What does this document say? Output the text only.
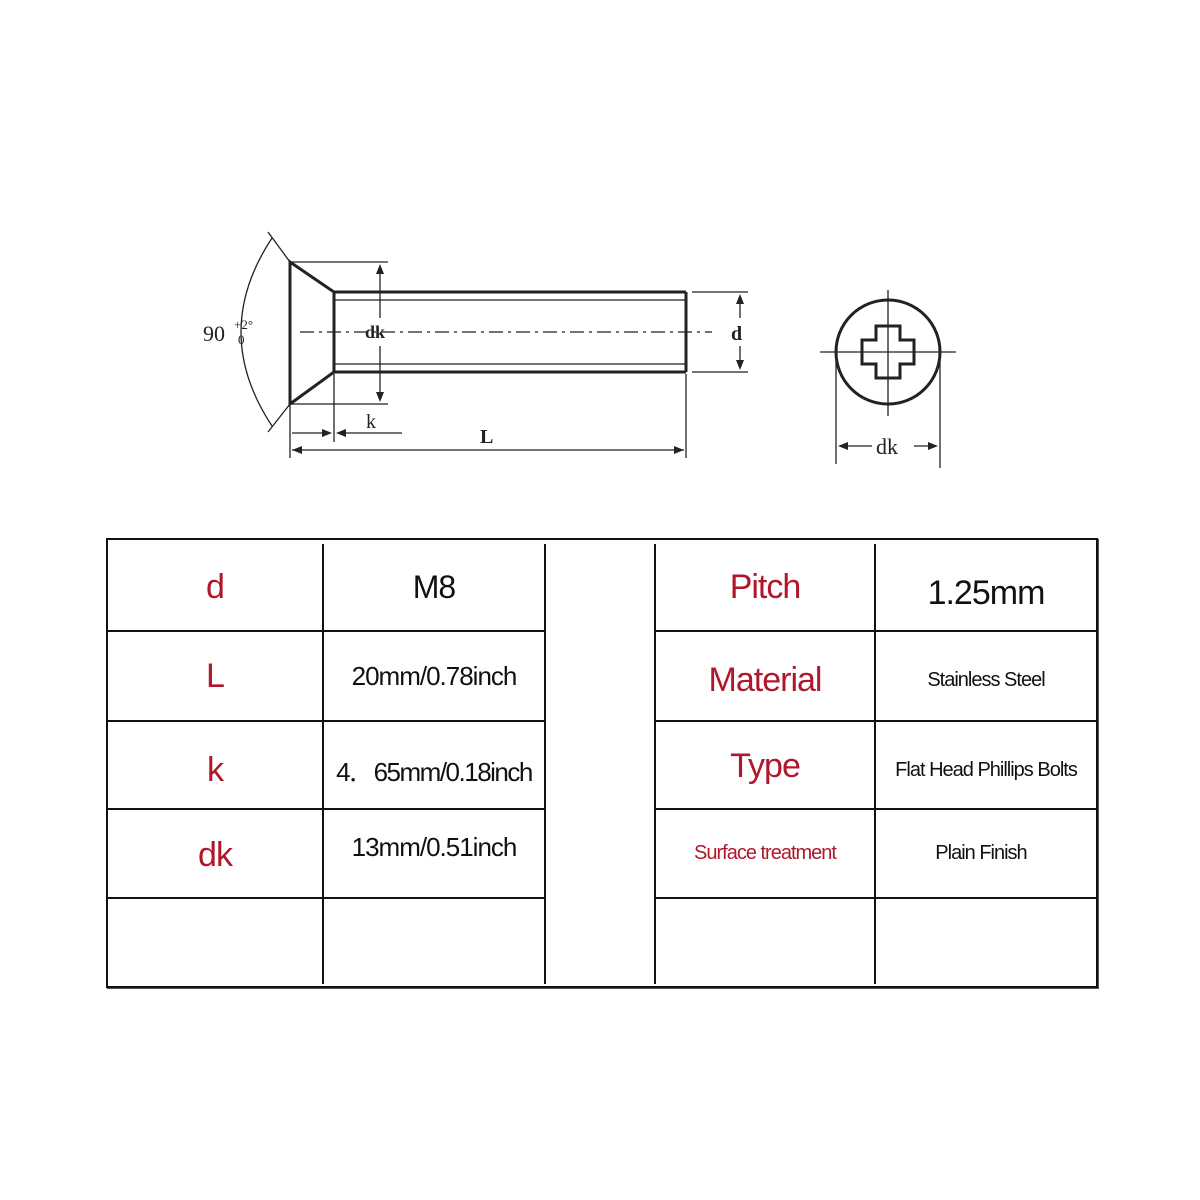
90 +2°
0	dk	d
k
L	dk
d	M8	Pitch	1.25mm
L	20mm/0.78inch	Material	Stainless Steel
k	4．65mm/0.18inch	Type	Flat Head Phillips Bolts
dk	13mm/0.51inch	Surface treatment	Plain Finish
